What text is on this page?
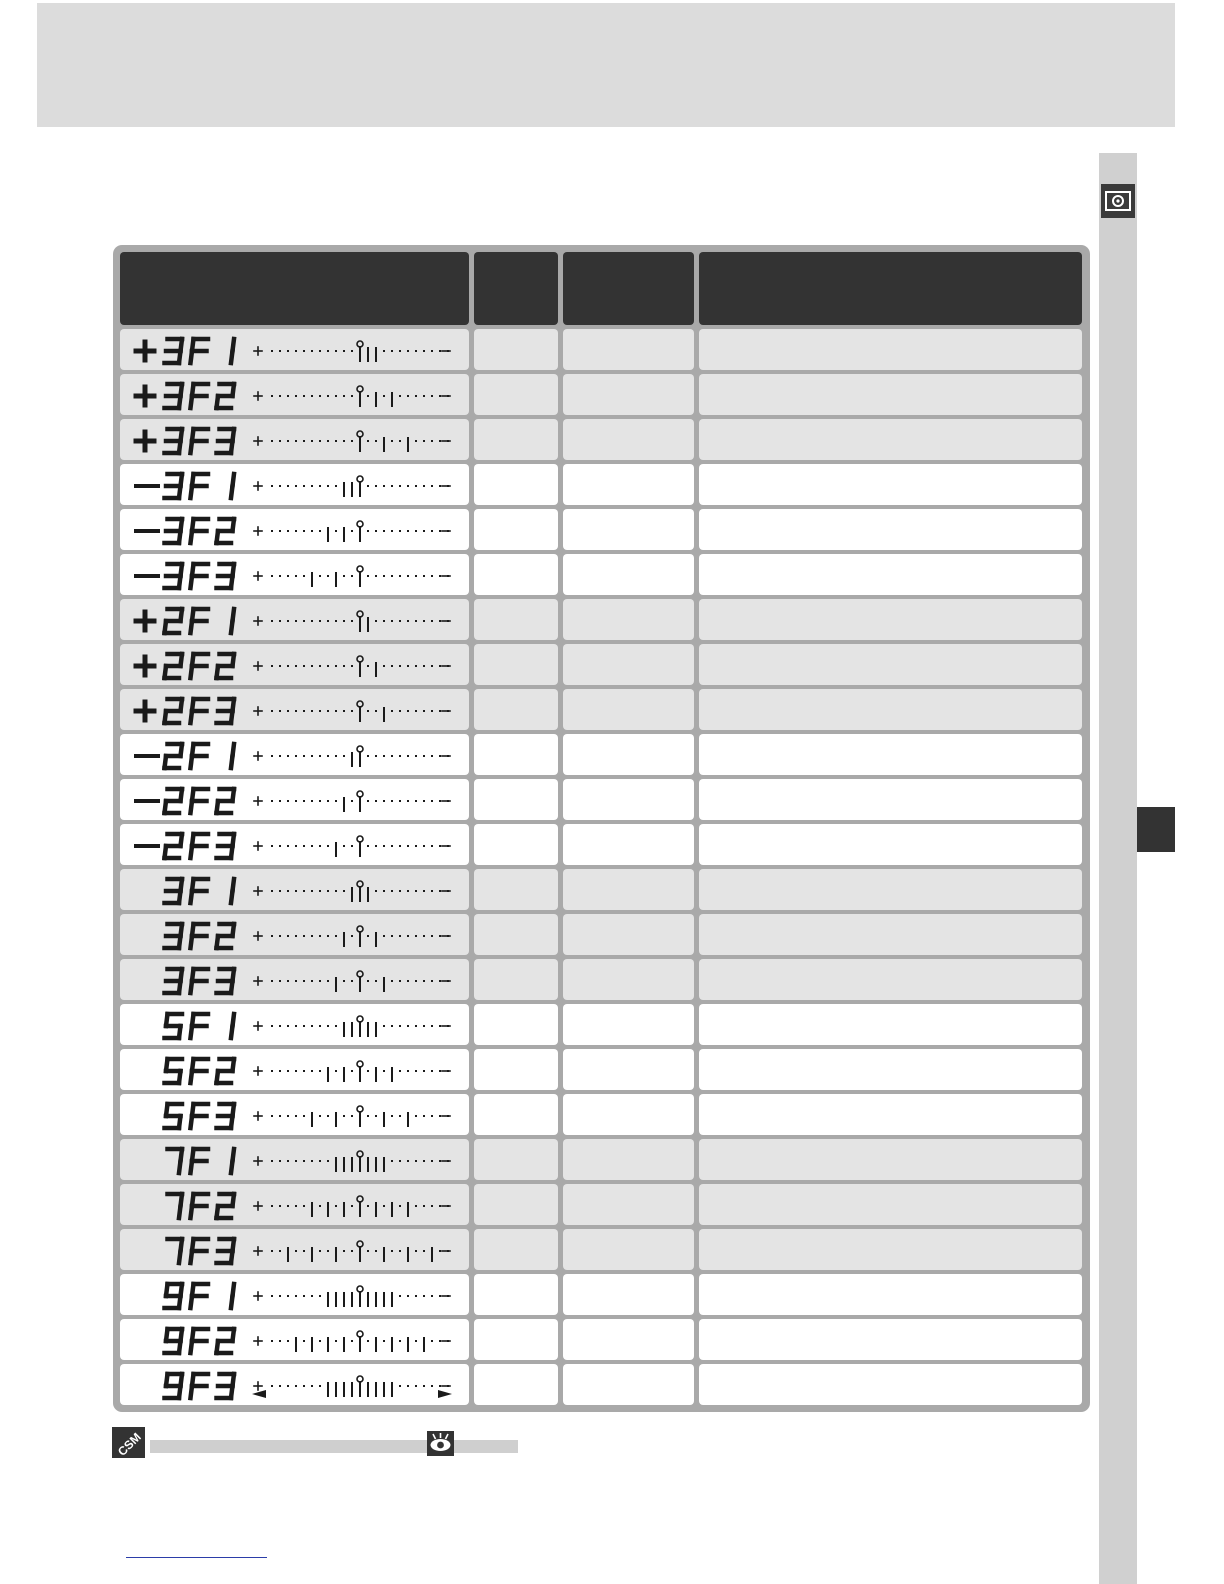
CSM
